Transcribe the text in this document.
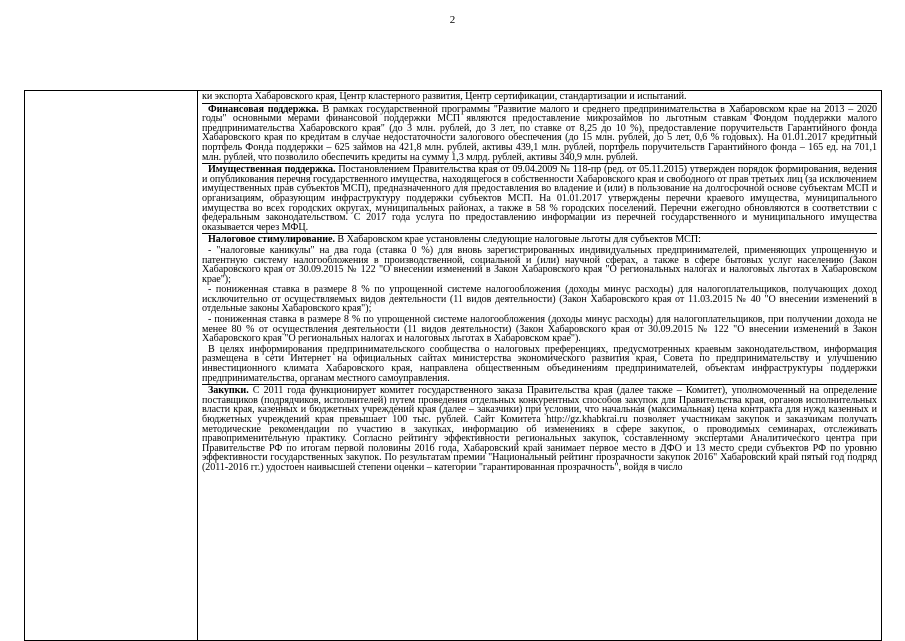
2

ки экспорта Хабаровского края, Центр кластерного развития, Центр сертификации, стандартизации и испытаний.

Финансовая поддержка. В рамках государственной программы "Развитие малого и среднего предпринимательства в Хабаровском крае на 2013 – 2020 годы" основными мерами финансовой поддержки МСП являются предоставление микрозаймов по льготным ставкам Фондом поддержки малого предпринимательства Хабаровского края" (до 3 млн. рублей, до 3 лет, по ставке от 8,25 до 10 %), предоставление поручительств Гарантийного фонда Хабаровского края по кредитам в случае недостаточности залогового обеспечения (до 15 млн. рублей, до 5 лет, 0,6 % годовых). На 01.01.2017 кредитный портфель Фонда поддержки – 625 займов на 421,8 млн. рублей, активы 439,1 млн. рублей, портфель поручительств Гарантийного фонда – 165 ед. на 701,1 млн. рублей, что позволило обеспечить кредиты на сумму 1,3 млрд. рублей, активы 340,9 млн. рублей.

Имущественная поддержка. Постановлением Правительства края от 09.04.2009 № 118-пр (ред. от 05.11.2015) утвержден порядок формирования, ведения и опубликования перечня государственного имущества, находящегося в собственности Хабаровского края и свободного от прав третьих лиц (за исключением имущественных прав субъектов МСП), предназначенного для предоставления во владение и (или) в пользование на долгосрочной основе субъектам МСП и организациям, образующим инфраструктуру поддержки субъектов МСП. На 01.01.2017 утверждены перечни краевого имущества, муниципального имущества во всех городских округах, муниципальных районах, а также в 58 % городских поселений. Перечни ежегодно обновляются в соответствии с федеральным законодательством. С 2017 года услуга по предоставлению информации из перечней государственного и муниципального имущества оказывается через МФЦ.

Налоговое стимулирование. В Хабаровском крае установлены следующие налоговые льготы для субъектов МСП:

- "налоговые каникулы" на два года (ставка 0 %) для вновь зарегистрированных индивидуальных предпринимателей, применяющих упрощенную и патентную систему налогообложения в производственной, социальной и (или) научной сферах, а также в сфере бытовых услуг населению (Закон Хабаровского края от 30.09.2015 № 122 "О внесении изменений в Закон Хабаровского края "О региональных налогах и налоговых льготах в Хабаровском крае");

- пониженная ставка в размере 8 % по упрощенной системе налогообложения (доходы минус расходы) для налогоплательщиков, получающих доход исключительно от осуществляемых видов деятельности (11 видов деятельности) (Закон Хабаровского края от 11.03.2015 № 40 "О внесении изменений в отдельные законы Хабаровского края");

- пониженная ставка в размере 8 % по упрощенной системе налогообложения (доходы минус расходы) для налогоплательщиков, при получении дохода не менее 80 % от осуществления деятельности (11 видов деятельности) (Закон Хабаровского края от 30.09.2015 № 122 "О внесении изменений в Закон Хабаровского края "О региональных налогах и налоговых льготах в Хабаровском крае").

В целях информирования предпринимательского сообщества о налоговых преференциях, предусмотренных краевым законодательством, информация размещена в сети Интернет на официальных сайтах министерства экономического развития края, Совета по предпринимательству и улучшению инвестиционного климата Хабаровского края, направлена общественным объединениям предпринимателей, объектам инфраструктуры поддержки предпринимательства, органам местного самоуправления.

Закупки. С 2011 года функционирует комитет государственного заказа Правительства края (далее также – Комитет), уполномоченный на определение поставщиков (подрядчиков, исполнителей) путем проведения отдельных конкурентных способов закупок для Правительства края, органов исполнительных власти края, казенных и бюджетных учреждений края (далее – заказчики) при условии, что начальная (максимальная) цена контракта для нужд казенных и бюджетных учреждений края превышает 100 тыс. рублей. Сайт Комитета http://gz.khabkrai.ru позволяет участникам закупок и заказчикам получать методические рекомендации по участию в закупках, информацию об изменениях в сфере закупок, о проводимых семинарах, отслеживать правоприменительную практику. Согласно рейтингу эффективности региональных закупок, составленному экспертами Аналитического центра при Правительстве РФ по итогам первой половины 2016 года, Хабаровский край занимает первое место в ДФО и 13 место среди субъектов РФ по уровню эффективности государственных закупок. По результатам премии "Национальный рейтинг прозрачности закупок 2016" Хабаровский край пятый год подряд (2011-2016 гг.) удостоен наивысшей степени оценки – категории "гарантированная прозрачность", войдя в число
